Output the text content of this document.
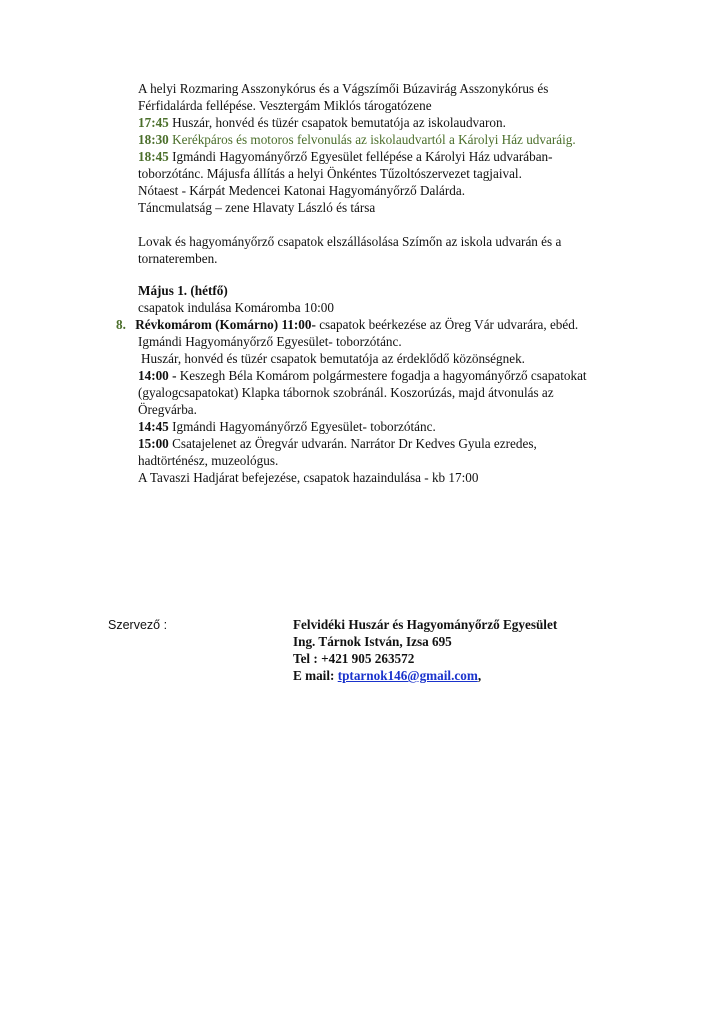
A helyi Rozmaring Asszonykórus és a Vágszímői Búzavirág Asszonykórus és
Férfidalárda fellépése. Vesztergám Miklós tárogatózene
17:45 Huszár, honvéd és tüzér csapatok bemutatója az iskolaudvaron.
18:30 Kerékpáros és motoros felvonulás az iskolaudvartól a Károlyi Ház udvaráig.
18:45 Igmándi Hagyományőrző Egyesület fellépése a Károlyi Ház udvarában-
toborzótánc. Májusfa állítás a helyi Önkéntes Tűzoltószervezet tagjaival.
Nótaest - Kárpát Medencei Katonai Hagyományőrző Dalárda.
Táncmulatság – zene Hlavaty László és társa
Lovak és hagyományőrző csapatok elszállásolása Szímőn az iskola udvarán és a
tornateremben.
Május 1. (hétfő)
csapatok indulása Komáromba 10:00
8. Révkomárom (Komárno) 11:00- csapatok beérkezése az Öreg Vár udvarára, ebéd.
Igmándi Hagyományőrző Egyesület- toborzótánc.
Huszár, honvéd és tüzér csapatok bemutatója az érdeklődő közönségnek.
14:00 - Keszegh Béla Komárom polgármestere fogadja a hagyományőrző csapatokat
(gyalogcsapatokat) Klapka tábornok szobránál. Koszorúzás, majd átvonulás az
Öregvárba.
14:45 Igmándi Hagyományőrző Egyesület- toborzótánc.
15:00 Csatajelenet az Öregvár udvarán. Narrátor Dr Kedves Gyula ezredes,
hadtörténész, muzeológus.
A Tavaszi Hadjárat befejezése, csapatok hazaindulása - kb 17:00
Szervező :	Felvidéki Huszár és Hagyományőrző Egyesület
Ing. Tárnok István, Izsa 695
Tel : +421 905 263572
E mail: tptarnok146@gmail.com,
